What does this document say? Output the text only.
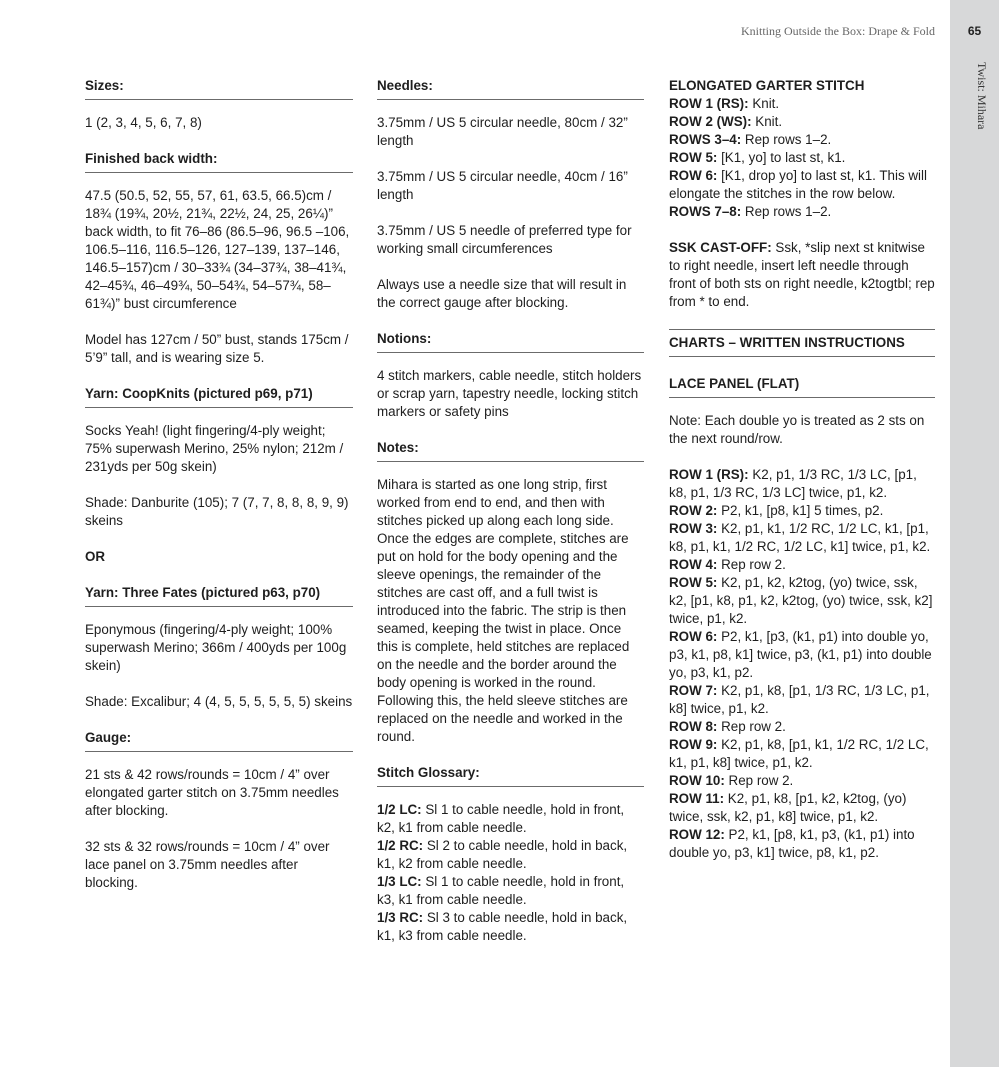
Knitting Outside the Box: Drape & Fold	65
Twist: Mihara
Sizes:

1 (2, 3, 4, 5, 6, 7, 8)

Finished back width:

47.5 (50.5, 52, 55, 57, 61, 63.5, 66.5)cm / 18¾ (19¾, 20½, 21¾, 22½, 24, 25, 26¼)” back width, to fit 76–86 (86.5–96, 96.5 –106, 106.5–116, 116.5–126, 127–139, 137–146, 146.5–157)cm / 30–33¾ (34–37¾, 38–41¾, 42–45¾, 46–49¾, 50–54¾, 54–57¾, 58–61¾)” bust circumference

Model has 127cm / 50” bust, stands 175cm / 5’9” tall, and is wearing size 5.

Yarn: CoopKnits (pictured p69, p71)

Socks Yeah! (light fingering/4-ply weight; 75% superwash Merino, 25% nylon; 212m / 231yds per 50g skein)

Shade: Danburite (105); 7 (7, 7, 8, 8, 8, 9, 9) skeins

OR
Yarn: Three Fates (pictured p63, p70)

Eponymous (fingering/4-ply weight; 100% superwash Merino; 366m / 400yds per 100g skein)

Shade: Excalibur; 4 (4, 5, 5, 5, 5, 5, 5) skeins

Gauge:

21 sts & 42 rows/rounds = 10cm / 4” over elongated garter stitch on 3.75mm needles after blocking.

32 sts & 32 rows/rounds = 10cm / 4” over lace panel on 3.75mm needles after blocking.

Needles:

3.75mm / US 5 circular needle, 80cm / 32” length

3.75mm / US 5 circular needle, 40cm / 16” length

3.75mm / US 5 needle of preferred type for working small circumferences

Always use a needle size that will result in the correct gauge after blocking.

Notions:

4 stitch markers, cable needle, stitch holders or scrap yarn, tapestry needle, locking stitch markers or safety pins

Notes:

Mihara is started as one long strip, first worked from end to end, and then with stitches picked up along each long side. Once the edges are complete, stitches are put on hold for the body opening and the sleeve openings, the remainder of the stitches are cast off, and a full twist is introduced into the fabric. The strip is then seamed, keeping the twist in place. Once this is complete, held stitches are replaced on the needle and the border around the body opening is worked in the round. Following this, the held sleeve stitches are replaced on the needle and worked in the round.

Stitch Glossary:
1/2 LC: Sl 1 to cable needle, hold in front, k2, k1 from cable needle.
1/2 RC: Sl 2 to cable needle, hold in back, k1, k2 from cable needle.
1/3 LC: Sl 1 to cable needle, hold in front, k3, k1 from cable needle.
1/3 RC: Sl 3 to cable needle, hold in back, k1, k3 from cable needle.
ELONGATED GARTER STITCH
ROW 1 (RS): Knit.
ROW 2 (WS): Knit.
ROWS 3–4: Rep rows 1–2.
ROW 5: [K1, yo] to last st, k1.
ROW 6: [K1, drop yo] to last st, k1. This will elongate the stitches in the row below.
ROWS 7–8: Rep rows 1–2.

SSK CAST-OFF: Ssk, *slip next st knitwise to right needle, insert left needle through front of both sts on right needle, k2togtbl; rep from * to end.

CHARTS – WRITTEN INSTRUCTIONS
LACE PANEL (FLAT)

Note: Each double yo is treated as 2 sts on the next round/row.

ROW 1 (RS): K2, p1, 1/3 RC, 1/3 LC, [p1, k8, p1, 1/3 RC, 1/3 LC] twice, p1, k2.
ROW 2: P2, k1, [p8, k1] 5 times, p2.
ROW 3: K2, p1, k1, 1/2 RC, 1/2 LC, k1, [p1, k8, p1, k1, 1/2 RC, 1/2 LC, k1] twice, p1, k2.
ROW 4: Rep row 2.
ROW 5: K2, p1, k2, k2tog, (yo) twice, ssk, k2, [p1, k8, p1, k2, k2tog, (yo) twice, ssk, k2] twice, p1, k2.
ROW 6: P2, k1, [p3, (k1, p1) into double yo, p3, k1, p8, k1] twice, p3, (k1, p1) into double yo, p3, k1, p2.
ROW 7: K2, p1, k8, [p1, 1/3 RC, 1/3 LC, p1, k8] twice, p1, k2.
ROW 8: Rep row 2.
ROW 9: K2, p1, k8, [p1, k1, 1/2 RC, 1/2 LC, k1, p1, k8] twice, p1, k2.
ROW 10: Rep row 2.
ROW 11: K2, p1, k8, [p1, k2, k2tog, (yo) twice, ssk, k2, p1, k8] twice, p1, k2.
ROW 12: P2, k1, [p8, k1, p3, (k1, p1) into double yo, p3, k1] twice, p8, k1, p2.
